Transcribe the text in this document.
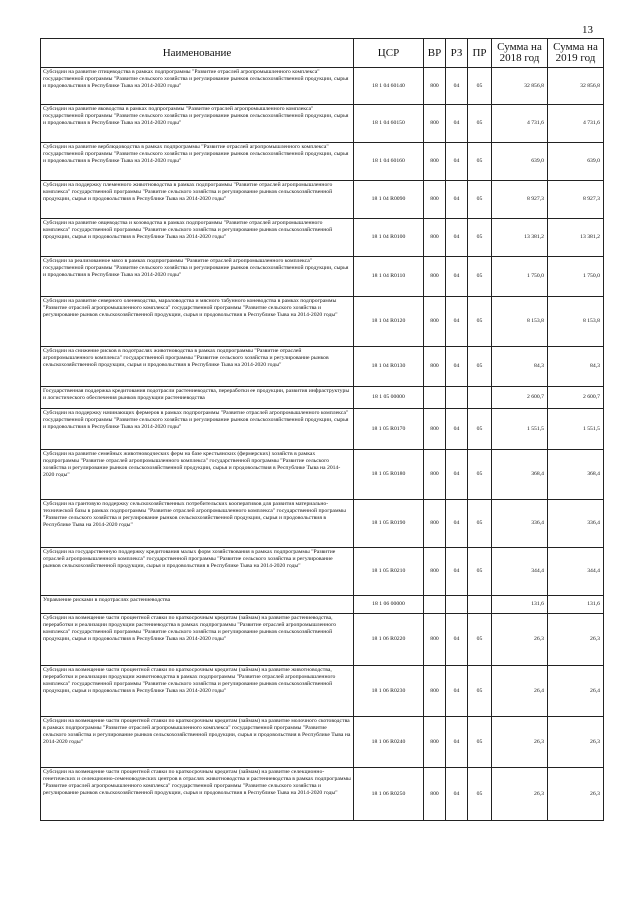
13
Наименование	ЦСР	ВР	РЗ	ПР	Сумма на 2018 год	Сумма на 2019 год
Субсидии на развитие птицеводства в рамках подпрограммы "Развитие отраслей агропромышленного комплекса" государственной программы "Развитие сельского хозяйства и регулирование рынков сельскохозяйственной продукции, сырья и продовольствия в Республике Тыва на 2014-2020 годы"	18 1 04 60140	800	04	05	32 856,8	32 856,8
Субсидии на развитие яководства в рамках подпрограммы "Развитие отраслей агропромышленного комплекса" государственной программы "Развитие сельского хозяйства и регулирование рынков сельскохозяйственной продукции, сырья и продовольствия в Республике Тыва на 2014-2020 годы"	18 1 04 60150	800	04	05	4 731,6	4 731,6
Субсидии на развитие верблюдоводства в рамках подпрограммы "Развитие отраслей агропромышленного комплекса" государственной программы "Развитие сельского хозяйства и регулирование рынков сельскохозяйственной продукции, сырья и продовольствия в Республике Тыва на 2014-2020 годы"	18 1 04 60160	800	04	05	639,0	639,0
Субсидии на поддержку племенного животноводства в рамках подпрограммы "Развитие отраслей агропромышленного комплекса" государственной программы "Развитие сельского хозяйства и регулирование рынков сельскохозяйственной продукции, сырья и продовольствия в Республике Тыва на 2014-2020 годы"	18 1 04 R0090	800	04	05	8 927,3	8 927,3
Субсидии на развитие овцеводства и козоводства в рамках подпрограммы "Развитие отраслей агропромышленного комплекса" государственной программы "Развитие сельского хозяйства и регулирование рынков сельскохозяйственной продукции, сырья и продовольствия в Республике Тыва на 2014-2020 годы"	18 1 04 R0100	800	04	05	13 381,2	13 381,2
Субсидии за реализованное мясо в рамках подпрограммы "Развитие отраслей агропромышленного комплекса" государственной программы "Развитие сельского хозяйства и регулирование рынков сельскохозяйственной продукции, сырья и продовольствия в Республике Тыва на 2014-2020 годы"	18 1 04 R0110	800	04	05	1 750,0	1 750,0
Субсидии на развитие северного оленеводства, мараловодства и мясного табунного коневодства в рамках подпрограммы "Развитие отраслей агропромышленного комплекса" государственной программы "Развитие сельского хозяйства и регулирование рынков сельскохозяйственной продукции, сырья и продовольствия в Республике Тыва на 2014-2020 годы"	18 1 04 R0120	800	04	05	8 153,8	8 153,8
Субсидии на снижение рисков в подотраслях животноводства в рамках подпрограммы "Развитие отраслей агропромышленного комплекса" государственной программы "Развитие сельского хозяйства и регулирование рынков сельскохозяйственной продукции, сырья и продовольствия в Республике Тыва на 2014-2020 годы"	18 1 04 R0130	800	04	05	84,3	84,3
Государственная поддержка кредитования подотрасли растениеводства, переработки ее продукции, развития инфраструктуры и логистического обеспечения рынков продукции растениеводства	18 1 05 00000				2 600,7	2 600,7
Субсидии на поддержку начинающих фермеров в рамках подпрограммы "Развитие отраслей агропромышленного комплекса" государственной программы "Развитие сельского хозяйства и регулирование рынков сельскохозяйственной продукции, сырья и продовольствия в Республике Тыва на 2014-2020 годы"	18 1 05 R0170	800	04	05	1 551,5	1 551,5
Субсидии на развитие семейных животноводческих ферм на базе крестьянских (фермерских) хозяйств в рамках подпрограммы "Развитие отраслей агропромышленного комплекса" государственной программы "Развитие сельского хозяйства и регулирование рынков сельскохозяйственной продукции, сырья и продовольствия в Республике Тыва на 2014-2020 годы"	18 1 05 R0180	800	04	05	368,4	368,4
Субсидии на грантовую поддержку сельскохозяйственных потребительских кооперативов для развития материально-технической базы в рамках подпрограммы "Развитие отраслей агропромышленного комплекса" государственной программы "Развитие сельского хозяйства и регулирование рынков сельскохозяйственной продукции, сырья и продовольствия в Республике Тыва на 2014-2020 годы"	18 1 05 R0190	800	04	05	336,4	336,4
Субсидии на государственную поддержку кредитования малых форм хозяйствования в рамках подпрограммы "Развитие отраслей агропромышленного комплекса" государственной программы "Развитие сельского хозяйства и регулирование рынков сельскохозяйственной продукции, сырья и продовольствия в Республике Тыва на 2014-2020 годы"	18 1 05 R0210	800	04	05	344,4	344,4
Управление рисками в подотраслях растениеводства	18 1 06 00000				131,6	131,6
Субсидии на возмещение части процентной ставки по краткосрочным кредитам (займам) на развитие растениеводства, переработки и реализации продукции растениеводства в рамках подпрограммы "Развитие отраслей агропромышленного комплекса" государственной программы "Развитие сельского хозяйства и регулирование рынков сельскохозяйственной продукции, сырья и продовольствия в Республике Тыва на 2014-2020 годы"	18 1 06 R0220	800	04	05	26,3	26,3
Субсидии на возмещение части процентной ставки по краткосрочным кредитам (займам) на развитие животноводства, переработки и реализации продукции животноводства в рамках подпрограммы "Развитие отраслей агропромышленного комплекса" государственной программы "Развитие сельского хозяйства и регулирование рынков сельскохозяйственной продукции, сырья и продовольствия в Республике Тыва на 2014-2020 годы"	18 1 06 R0230	800	04	05	26,4	26,4
Субсидии на возмещение части процентной ставки по краткосрочным кредитам (займам) на развитие молочного скотоводства в рамках подпрограммы "Развитие отраслей агропромышленного комплекса" государственной программы "Развитие сельского хозяйства и регулирование рынков сельскохозяйственной продукции, сырья и продовольствия в Республике Тыва на 2014-2020 годы"	18 1 06 R0240	800	04	05	26,3	26,3
Субсидии на возмещение части процентной ставки по краткосрочным кредитам (займам) на развитие селекционно-генетических и селекционно-семеноводческих центров в отраслях животноводства и растениеводства в рамках подпрограммы "Развитие отраслей агропромышленного комплекса" государственной программы "Развитие сельского хозяйства и регулирование рынков сельскохозяйственной продукции, сырья и продовольствия в Республике Тыва на 2014-2020 годы"	18 1 06 R0250	800	04	05	26,3	26,3
